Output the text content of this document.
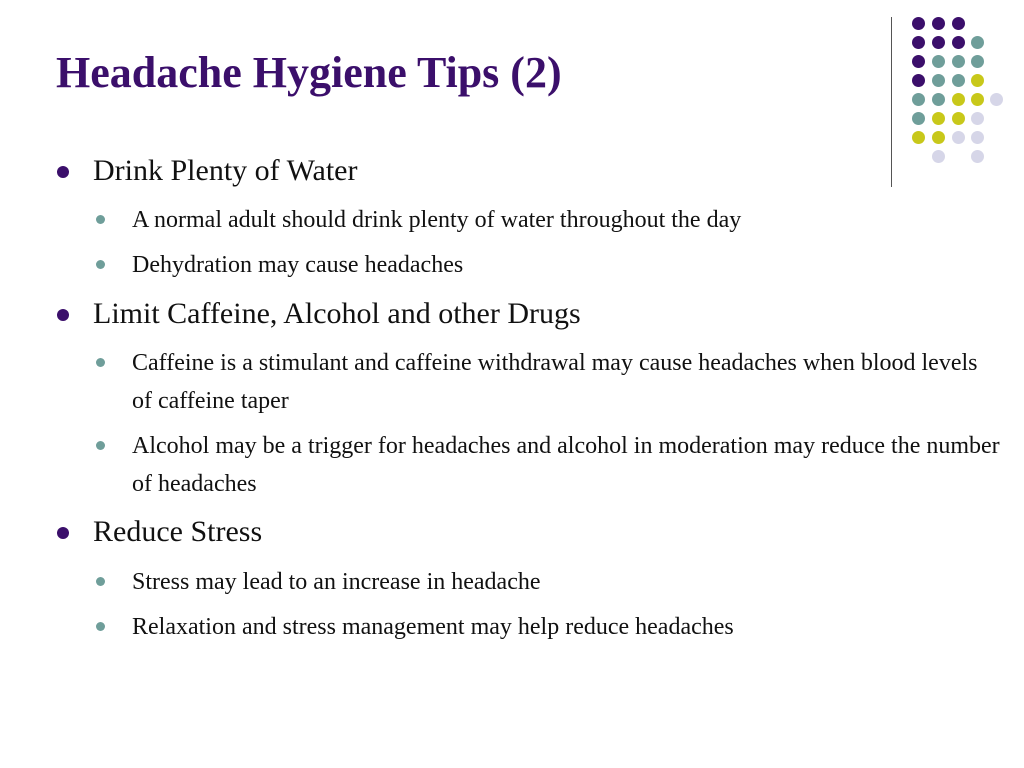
Headache Hygiene Tips (2)
Drink Plenty of Water
A normal adult should drink plenty of water throughout the day
Dehydration may cause headaches
Limit Caffeine, Alcohol and other Drugs
Caffeine is a stimulant and caffeine withdrawal may cause headaches when blood levels of caffeine taper
Alcohol may be a trigger for headaches and alcohol in moderation may reduce the number of headaches
Reduce Stress
Stress may lead to an increase in headache
Relaxation and stress management may help reduce headaches
